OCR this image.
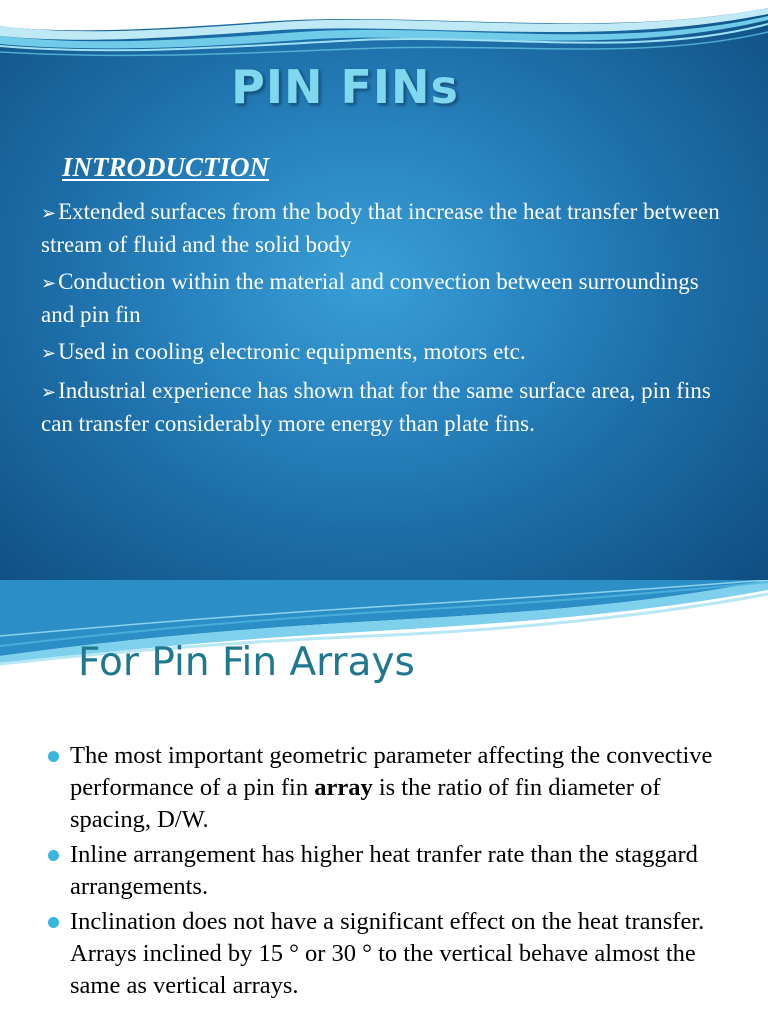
PIN FINs
INTRODUCTION
➢Extended surfaces from the body that increase the heat transfer between stream of fluid and the solid body
➢Conduction within the material and convection between surroundings and pin fin
➢Used in cooling electronic equipments, motors etc.
➢Industrial experience has shown that for the same surface area, pin fins can transfer considerably more energy than plate fins.
For Pin Fin Arrays
The most important geometric parameter affecting the convective performance of a pin fin array is the ratio of fin diameter of spacing, D/W.
Inline arrangement has higher heat tranfer rate than the staggard arrangements.
Inclination does not have a significant effect on the heat transfer. Arrays inclined by 15 ° or 30 ° to the vertical behave almost the same as vertical arrays.
